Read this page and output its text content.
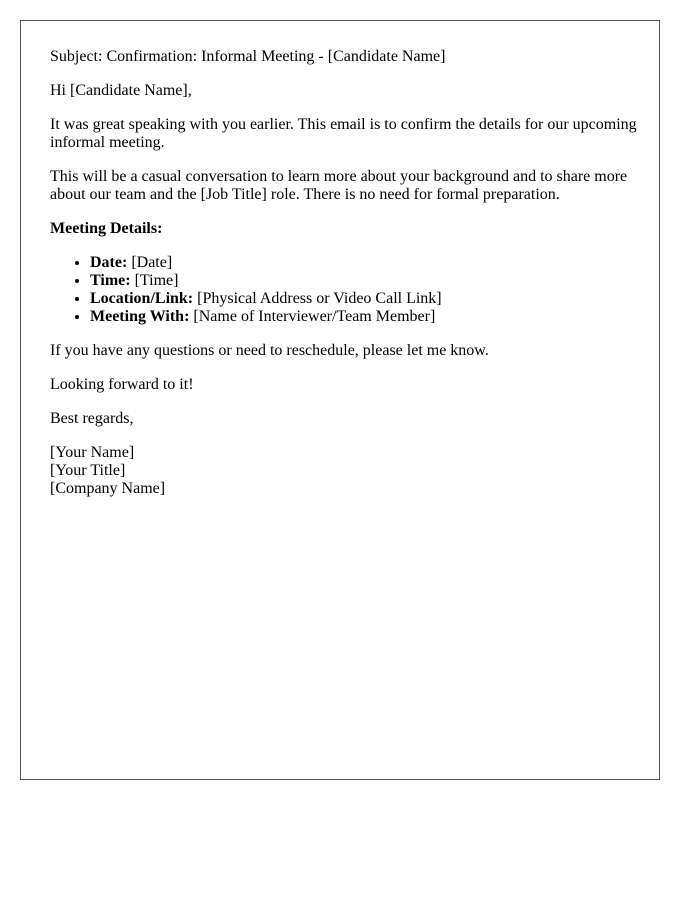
Subject: Confirmation: Informal Meeting - [Candidate Name]

Hi [Candidate Name],

It was great speaking with you earlier. This email is to confirm the details for our upcoming informal meeting.

This will be a casual conversation to learn more about your background and to share more about our team and the [Job Title] role. There is no need for formal preparation.

Meeting Details:

• Date: [Date]
• Time: [Time]
• Location/Link: [Physical Address or Video Call Link]
• Meeting With: [Name of Interviewer/Team Member]

If you have any questions or need to reschedule, please let me know.

Looking forward to it!

Best regards,

[Your Name]
[Your Title]
[Company Name]
